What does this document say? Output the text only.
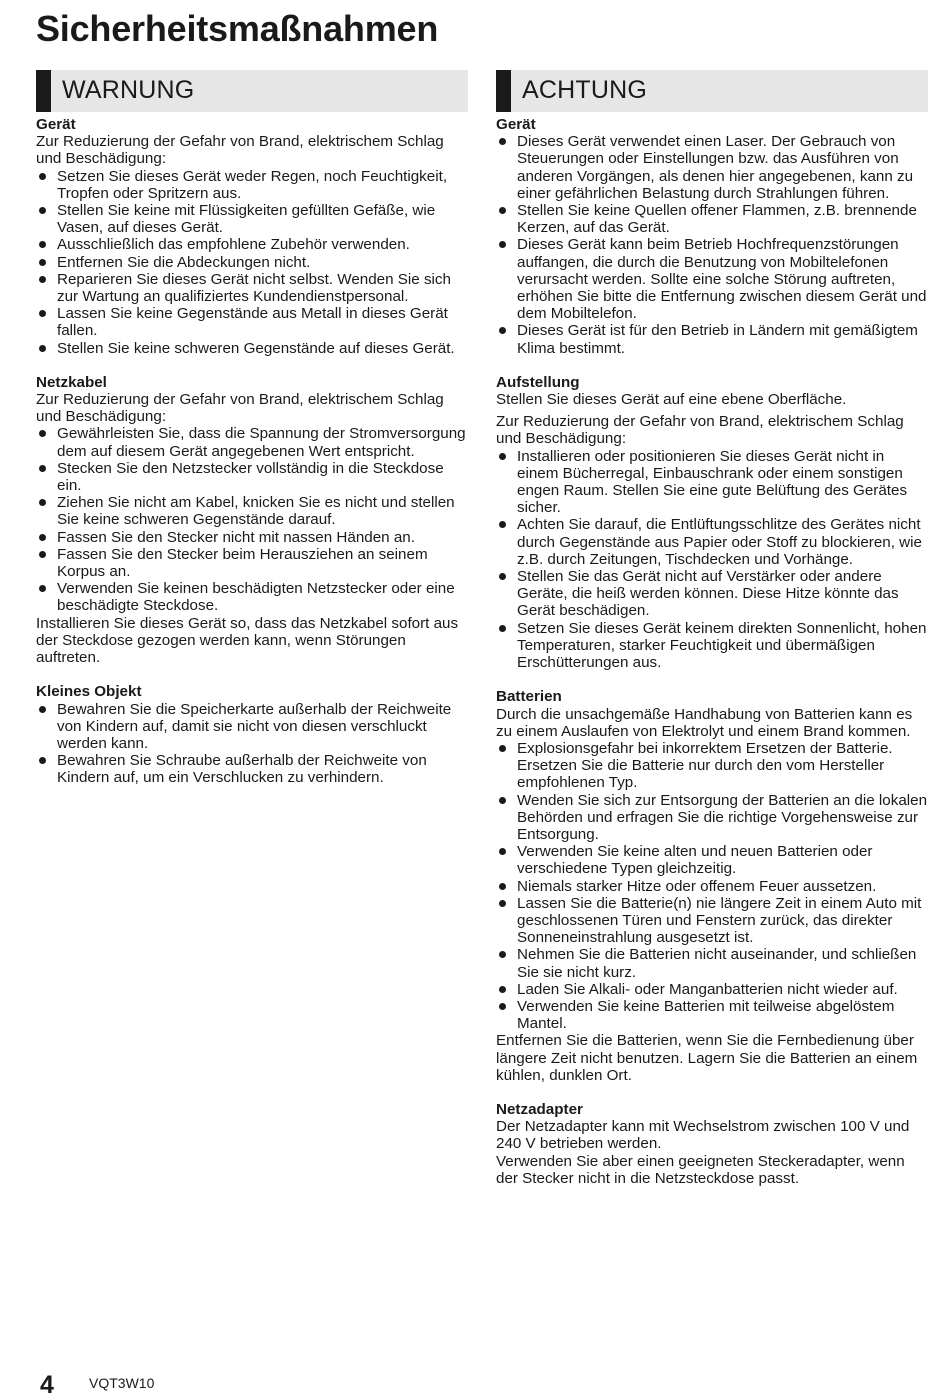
Sicherheitsmaßnahmen
WARNUNG
Gerät

Zur Reduzierung der Gefahr von Brand, elektrischem Schlag und Beschädigung:

Setzen Sie dieses Gerät weder Regen, noch Feuchtigkeit, Tropfen oder Spritzern aus.
Stellen Sie keine mit Flüssigkeiten gefüllten Gefäße, wie Vasen, auf dieses Gerät.
Ausschließlich das empfohlene Zubehör verwenden.
Entfernen Sie die Abdeckungen nicht.
Reparieren Sie dieses Gerät nicht selbst. Wenden Sie sich zur Wartung an qualifiziertes Kundendienstpersonal.
Lassen Sie keine Gegenstände aus Metall in dieses Gerät fallen.
Stellen Sie keine schweren Gegenstände auf dieses Gerät.
Netzkabel

Zur Reduzierung der Gefahr von Brand, elektrischem Schlag und Beschädigung:

Gewährleisten Sie, dass die Spannung der Stromversorgung dem auf diesem Gerät angegebenen Wert entspricht.
Stecken Sie den Netzstecker vollständig in die Steckdose ein.
Ziehen Sie nicht am Kabel, knicken Sie es nicht und stellen Sie keine schweren Gegenstände darauf.
Fassen Sie den Stecker nicht mit nassen Händen an.
Fassen Sie den Stecker beim Herausziehen an seinem Korpus an.
Verwenden Sie keinen beschädigten Netzstecker oder eine beschädigte Steckdose.

Installieren Sie dieses Gerät so, dass das Netzkabel sofort aus der Steckdose gezogen werden kann, wenn Störungen auftreten.

Kleines Objekt
Bewahren Sie die Speicherkarte außerhalb der Reichweite von Kindern auf, damit sie nicht von diesen verschluckt werden kann.
Bewahren Sie Schraube außerhalb der Reichweite von Kindern auf, um ein Verschlucken zu verhindern.
ACHTUNG
Gerät
Dieses Gerät verwendet einen Laser. Der Gebrauch von Steuerungen oder Einstellungen bzw. das Ausführen von anderen Vorgängen, als denen hier angegebenen, kann zu einer gefährlichen Belastung durch Strahlungen führen.
Stellen Sie keine Quellen offener Flammen, z.B. brennende Kerzen, auf das Gerät.
Dieses Gerät kann beim Betrieb Hochfrequenzstörungen auffangen, die durch die Benutzung von Mobiltelefonen verursacht werden. Sollte eine solche Störung auftreten, erhöhen Sie bitte die Entfernung zwischen diesem Gerät und dem Mobiltelefon.
Dieses Gerät ist für den Betrieb in Ländern mit gemäßigtem Klima bestimmt.
Aufstellung

Stellen Sie dieses Gerät auf eine ebene Oberfläche.

Zur Reduzierung der Gefahr von Brand, elektrischem Schlag und Beschädigung:

Installieren oder positionieren Sie dieses Gerät nicht in einem Bücherregal, Einbauschrank oder einem sonstigen engen Raum. Stellen Sie eine gute Belüftung des Gerätes sicher.
Achten Sie darauf, die Entlüftungsschlitze des Gerätes nicht durch Gegenstände aus Papier oder Stoff zu blockieren, wie z.B. durch Zeitungen, Tischdecken und Vorhänge.
Stellen Sie das Gerät nicht auf Verstärker oder andere Geräte, die heiß werden können. Diese Hitze könnte das Gerät beschädigen.
Setzen Sie dieses Gerät keinem direkten Sonnenlicht, hohen Temperaturen, starker Feuchtigkeit und übermäßigen Erschütterungen aus.
Batterien

Durch die unsachgemäße Handhabung von Batterien kann es zu einem Auslaufen von Elektrolyt und einem Brand kommen.

Explosionsgefahr bei inkorrektem Ersetzen der Batterie. Ersetzen Sie die Batterie nur durch den vom Hersteller empfohlenen Typ.
Wenden Sie sich zur Entsorgung der Batterien an die lokalen Behörden und erfragen Sie die richtige Vorgehensweise zur Entsorgung.
Verwenden Sie keine alten und neuen Batterien oder verschiedene Typen gleichzeitig.
Niemals starker Hitze oder offenem Feuer aussetzen.
Lassen Sie die Batterie(n) nie längere Zeit in einem Auto mit geschlossenen Türen und Fenstern zurück, das direkter Sonneneinstrahlung ausgesetzt ist.
Nehmen Sie die Batterien nicht auseinander, und schließen Sie sie nicht kurz.
Laden Sie Alkali- oder Manganbatterien nicht wieder auf.
Verwenden Sie keine Batterien mit teilweise abgelöstem Mantel.

Entfernen Sie die Batterien, wenn Sie die Fernbedienung über längere Zeit nicht benutzen. Lagern Sie die Batterien an einem kühlen, dunklen Ort.

Netzadapter

Der Netzadapter kann mit Wechselstrom zwischen 100 V und 240 V betrieben werden.

Verwenden Sie aber einen geeigneten Steckeradapter, wenn der Stecker nicht in die Netzsteckdose passt.

4	VQT3W10
